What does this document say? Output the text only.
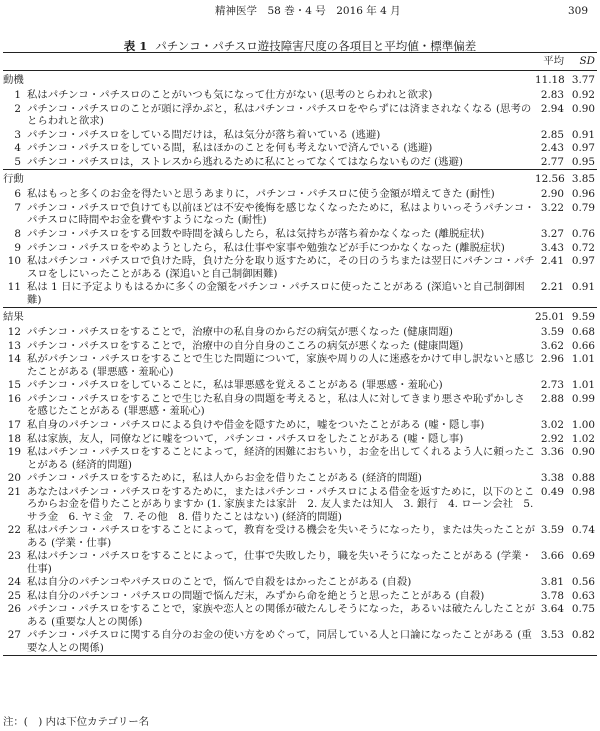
精神医学　58 巻・4 号　2016 年 4 月	309
表 1 パチンコ・パチスロ遊技障害尺度の各項目と平均値・標準偏差
		平均	SD
動機		11.18	3.77
1	私はパチンコ・パチスロのことがいつも気になって仕方がない (思考のとらわれと欲求)	2.83	0.92
2	パチンコ・パチスロのことが頭に浮かぶと，私はパチンコ・パチスロをやらずには済まされなくなる (思考のとらわれと欲求)	2.94	0.90
3	パチンコ・パチスロをしている間だけは，私は気分が落ち着いている (逃避)	2.85	0.91
4	パチンコ・パチスロをしている間，私はほかのことを何も考えないで済んでいる (逃避)	2.43	0.97
5	パチンコ・パチスロは，ストレスから逃れるために私にとってなくてはならないものだ (逃避)	2.77	0.95
行動		12.56	3.85
6	私はもっと多くのお金を得たいと思うあまりに，パチンコ・パチスロに使う金額が増えてきた (耐性)	2.90	0.96
7	パチンコ・パチスロで負けても以前ほどは不安や後悔を感じなくなったために，私はよりいっそうパチンコ・パチスロに時間やお金を費やすようになった (耐性)	3.22	0.79
8	パチンコ・パチスロをする回数や時間を減らしたら，私は気持ちが落ち着かなくなった (離脱症状)	3.27	0.76
9	パチンコ・パチスロをやめようとしたら，私は仕事や家事や勉強などが手につかなくなった (離脱症状)	3.43	0.72
10	私はパチンコ・パチスロで負けた時，負けた分を取り返すために，その日のうちまたは翌日にパチンコ・パチスロをしにいったことがある (深追いと自己制御困難)	2.41	0.97
11	私は 1 日に予定よりもはるかに多くの金額をパチンコ・パチスロに使ったことがある (深追いと自己制御困難)	2.21	0.91
結果		25.01	9.59
12	パチンコ・パチスロをすることで，治療中の私自身のからだの病気が悪くなった (健康問題)	3.59	0.68
13	パチンコ・パチスロをすることで，治療中の自分自身のこころの病気が悪くなった (健康問題)	3.62	0.66
14	私がパチンコ・パチスロをすることで生じた問題について，家族や周りの人に迷惑をかけて申し訳ないと感じたことがある (罪悪感・羞恥心)	2.96	1.01
15	パチンコ・パチスロをしていることに，私は罪悪感を覚えることがある (罪悪感・羞恥心)	2.73	1.01
16	パチンコ・パチスロをすることで生じた私自身の問題を考えると，私は人に対してきまり悪さや恥ずかしさを感じたことがある (罪悪感・羞恥心)	2.88	0.99
17	私自身のパチンコ・パチスロによる負けや借金を隠すために，嘘をついたことがある (嘘・隠し事)	3.02	1.00
18	私は家族，友人，同僚などに嘘をついて，パチンコ・パチスロをしたことがある (嘘・隠し事)	2.92	1.02
19	私はパチンコ・パチスロをすることによって，経済的困難におちいり，お金を出してくれるよう人に頼ったことがある (経済的問題)	3.36	0.90
20	パチンコ・パチスロをするために，私は人からお金を借りたことがある (経済的問題)	3.38	0.88
21	あなたはパチンコ・パチスロをするために，またはパチンコ・パチスロによる借金を返すために，以下のところからお金を借りたことがありますか (1. 家族または家計　2. 友人または知人　3. 銀行　4. ローン会社　5. サラ金　6. ヤミ金　7. その他　8. 借りたことはない) (経済的問題)	0.49	0.98
22	私はパチンコ・パチスロをすることによって，教育を受ける機会を失いそうになったり，または失ったことがある (学業・仕事)	3.59	0.74
23	私はパチンコ・パチスロをすることによって，仕事で失敗したり，職を失いそうになったことがある (学業・仕事)	3.66	0.69
24	私は自分のパチンコやパチスロのことで，悩んで自殺をはかったことがある (自殺)	3.81	0.56
25	私は自分のパチンコ・パチスロの問題で悩んだ末，みずから命を絶とうと思ったことがある (自殺)	3.78	0.63
26	パチンコ・パチスロをすることで，家族や恋人との関係が破たんしそうになった，あるいは破たんしたことがある (重要な人との関係)	3.64	0.75
27	パチンコ・パチスロに関する自分のお金の使い方をめぐって，同居している人と口論になったことがある (重要な人との関係)	3.53	0.82
注：(　) 内は下位カテゴリー名
